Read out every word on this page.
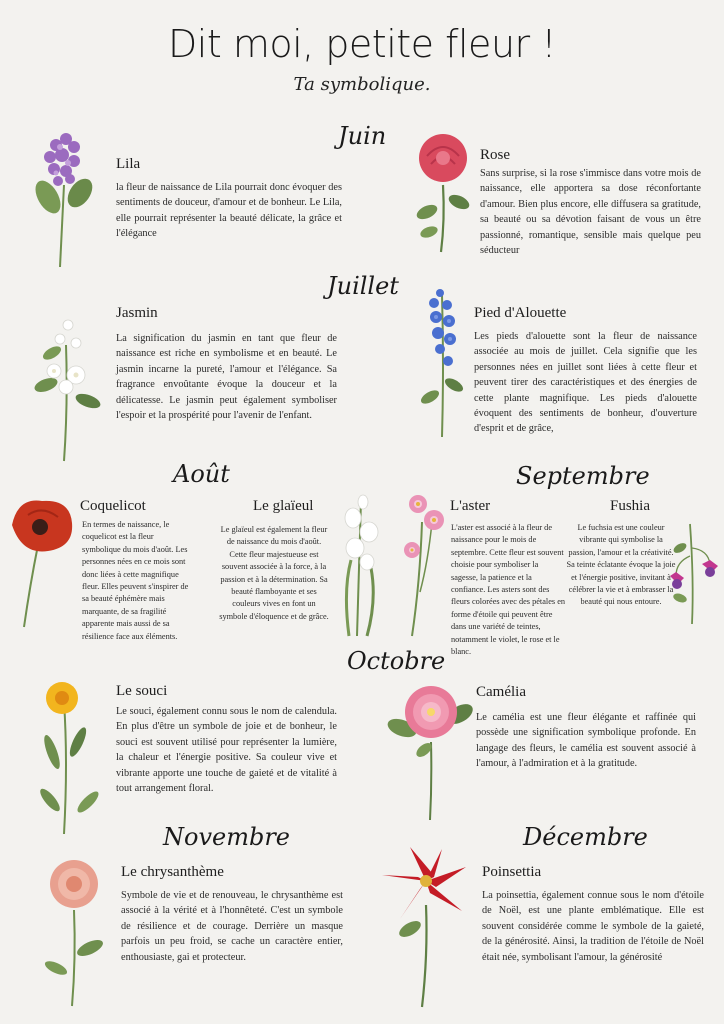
Dit moi, petite fleur !
Ta symbolique.
Juin
Juillet
Août	Septembre
Octobre
Novembre	Décembre
Lila
la fleur de naissance de Lila pourrait donc évoquer des sentiments de douceur, d'amour et de bonheur. Le Lila, elle pourrait représenter la beauté délicate, la grâce et l'élégance
Rose
Sans surprise, si la rose s'immisce dans votre mois de naissance, elle apportera sa dose réconfortante d'amour. Bien plus encore, elle diffusera sa gratitude, sa beauté ou sa dévotion faisant de vous un être passionné, romantique, sensible mais quelque peu séducteur
Jasmin
La signification du jasmin en tant que fleur de naissance est riche en symbolisme et en beauté. Le jasmin incarne la pureté, l'amour et l'élégance. Sa fragrance envoûtante évoque la douceur et la délicatesse. Le jasmin peut également symboliser l'espoir et la prospérité pour l'avenir de l'enfant.
Pied d'Alouette
Les pieds d'alouette sont la fleur de naissance associée au mois de juillet. Cela signifie que les personnes nées en juillet sont liées à cette fleur et peuvent tirer des caractéristiques et des énergies de cette plante magnifique. Les pieds d'alouette évoquent des sentiments de bonheur, d'ouverture d'esprit et de grâce,
Coquelicot
En termes de naissance, le coquelicot est la fleur symbolique du mois d'août. Les personnes nées en ce mois sont donc liées à cette magnifique fleur. Elles peuvent s'inspirer de sa beauté éphémère mais marquante, de sa fragilité apparente mais aussi de sa résilience face aux éléments.
Le glaïeul
Le glaïeul est également la fleur de naissance du mois d'août. Cette fleur majestueuse est souvent associée à la force, à la passion et à la détermination. Sa beauté flamboyante et ses couleurs vives en font un symbole d'éloquence et de grâce.
L'aster
L'aster est associé à la fleur de naissance pour le mois de septembre. Cette fleur est souvent choisie pour symboliser la sagesse, la patience et la confiance. Les asters sont des fleurs colorées avec des pétales en forme d'étoile qui peuvent être dans une variété de teintes, notamment le violet, le rose et le blanc.
Fushia
Le fuchsia est une couleur vibrante qui symbolise la passion, l'amour et la créativité. Sa teinte éclatante évoque la joie et l'énergie positive, invitant à célébrer la vie et à embrasser la beauté qui nous entoure.
Le souci
Le souci, également connu sous le nom de calendula. En plus d'être un symbole de joie et de bonheur, le souci est souvent utilisé pour représenter la lumière, la chaleur et l'énergie positive. Sa couleur vive et vibrante apporte une touche de gaieté et de vitalité à tout arrangement floral.
Camélia
Le camélia est une fleur élégante et raffinée qui possède une signification symbolique profonde. En langage des fleurs, le camélia est souvent associé à l'amour, à l'admiration et à la gratitude.
Le chrysanthème
Symbole de vie et de renouveau, le chrysanthème est associé à la vérité et à l'honnêteté. C'est un symbole de résilience et de courage. Derrière un masque parfois un peu froid, se cache un caractère entier, enthousiaste, gai et protecteur.
Poinsettia
La poinsettia, également connue sous le nom d'étoile de Noël, est une plante emblématique. Elle est souvent considérée comme le symbole de la gaieté, de la générosité. Ainsi, la tradition de l'étoile de Noël était née, symbolisant l'amour, la générosité
